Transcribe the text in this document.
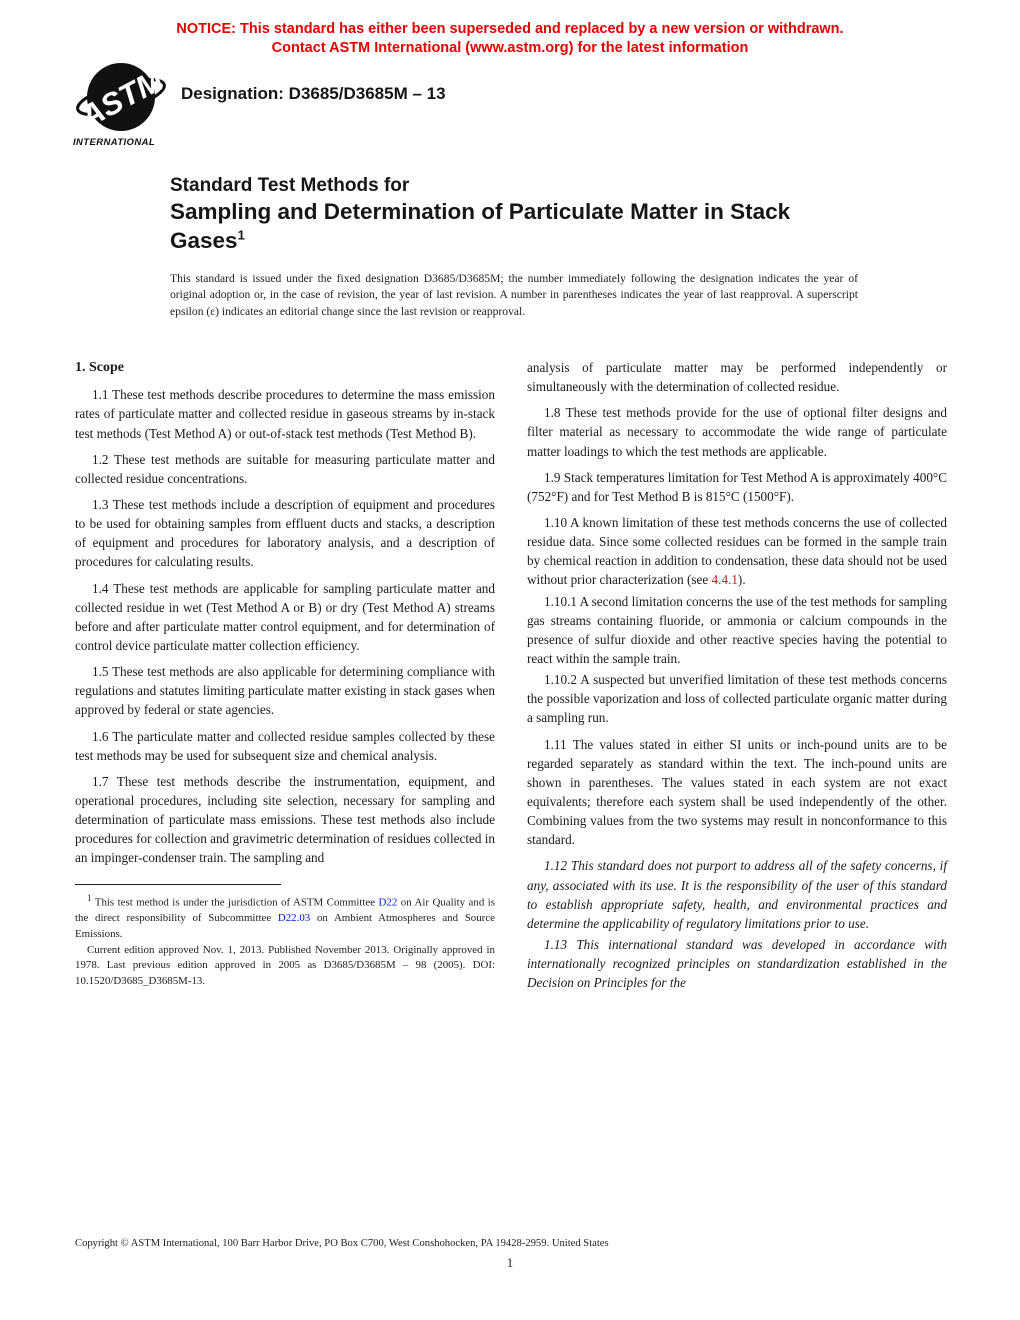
NOTICE: This standard has either been superseded and replaced by a new version or withdrawn.
Contact ASTM International (www.astm.org) for the latest information
ASTM
INTERNATIONAL
Designation: D3685/D3685M – 13
Standard Test Methods for
Sampling and Determination of Particulate Matter in Stack
Gases$^1$
This standard is issued under the fixed designation D3685/D3685M; the number immediately following the designation indicates the year of original adoption or, in the case of revision, the year of last revision. A number in parentheses indicates the year of last reapproval. A superscript epsilon (ε) indicates an editorial change since the last revision or reapproval.
1. Scope

1.1 These test methods describe procedures to determine the mass emission rates of particulate matter and collected residue in gaseous streams by in-stack test methods (Test Method A) or out-of-stack test methods (Test Method B).

1.2 These test methods are suitable for measuring particulate matter and collected residue concentrations.

1.3 These test methods include a description of equipment and procedures to be used for obtaining samples from effluent ducts and stacks, a description of equipment and procedures for laboratory analysis, and a description of procedures for calculating results.

1.4 These test methods are applicable for sampling particulate matter and collected residue in wet (Test Method A or B) or dry (Test Method A) streams before and after particulate matter control equipment, and for determination of control device particulate matter collection efficiency.

1.5 These test methods are also applicable for determining compliance with regulations and statutes limiting particulate matter existing in stack gases when approved by federal or state agencies.

1.6 The particulate matter and collected residue samples collected by these test methods may be used for subsequent size and chemical analysis.

1.7 These test methods describe the instrumentation, equipment, and operational procedures, including site selection, necessary for sampling and determination of particulate mass emissions. These test methods also include procedures for collection and gravimetric determination of residues collected in an impinger-condenser train. The sampling and

$^1$ This test method is under the jurisdiction of ASTM Committee D22 on Air Quality and is the direct responsibility of Subcommittee D22.03 on Ambient Atmospheres and Source Emissions.

Current edition approved Nov. 1, 2013. Published November 2013. Originally approved in 1978. Last previous edition approved in 2005 as D3685/D3685M – 98 (2005). DOI: 10.1520/D3685_D3685M-13.

analysis of particulate matter may be performed independently or simultaneously with the determination of collected residue.

1.8 These test methods provide for the use of optional filter designs and filter material as necessary to accommodate the wide range of particulate matter loadings to which the test methods are applicable.

1.9 Stack temperatures limitation for Test Method A is approximately 400°C (752°F) and for Test Method B is 815°C (1500°F).

1.10 A known limitation of these test methods concerns the use of collected residue data. Since some collected residues can be formed in the sample train by chemical reaction in addition to condensation, these data should not be used without prior characterization (see 4.4.1).

1.10.1 A second limitation concerns the use of the test methods for sampling gas streams containing fluoride, or ammonia or calcium compounds in the presence of sulfur dioxide and other reactive species having the potential to react within the sample train.

1.10.2 A suspected but unverified limitation of these test methods concerns the possible vaporization and loss of collected particulate organic matter during a sampling run.

1.11 The values stated in either SI units or inch-pound units are to be regarded separately as standard within the text. The inch-pound units are shown in parentheses. The values stated in each system are not exact equivalents; therefore each system shall be used independently of the other. Combining values from the two systems may result in nonconformance to this standard.

1.12 This standard does not purport to address all of the safety concerns, if any, associated with its use. It is the responsibility of the user of this standard to establish appropriate safety, health, and environmental practices and determine the applicability of regulatory limitations prior to use.

1.13 This international standard was developed in accordance with internationally recognized principles on standardization established in the Decision on Principles for the

Copyright © ASTM International, 100 Barr Harbor Drive, PO Box C700, West Conshohocken, PA 19428-2959. United States
1
